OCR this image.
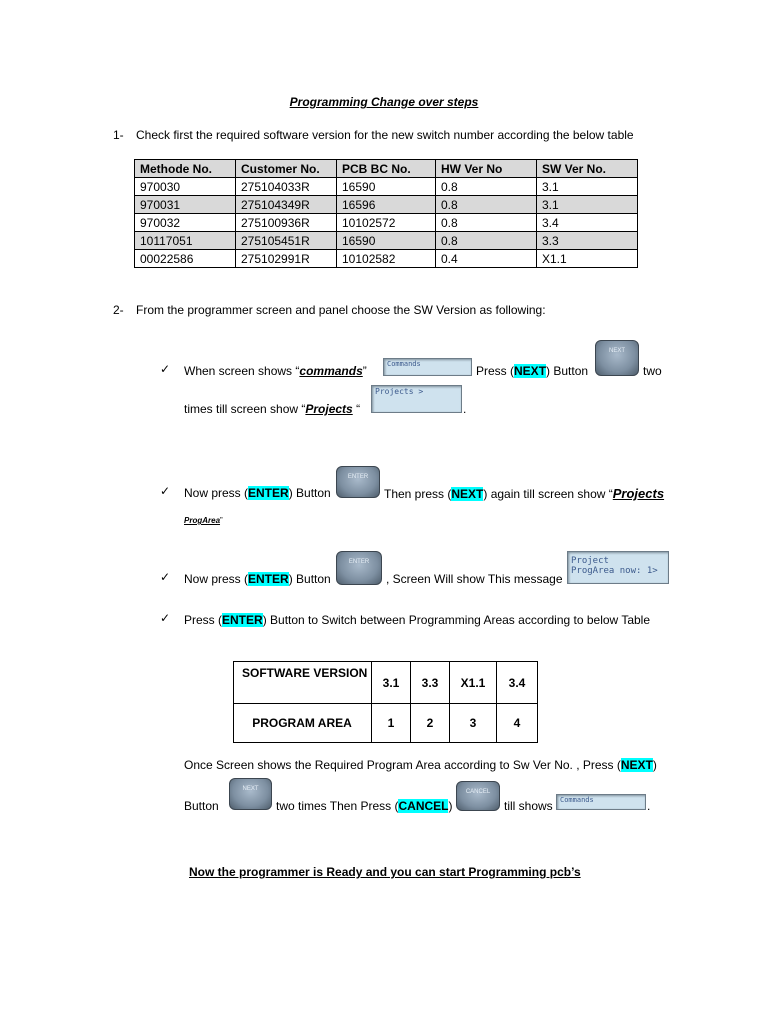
Programming Change over steps
1- Check first the required software version for the new switch number according the below table
Methode No.	Customer No.	PCB BC No.	HW Ver No	SW Ver No.
970030	275104033R	16590	0.8	3.1
970031	275104349R	16596	0.8	3.1
970032	275100936R	10102572	0.8	3.4
10117051	275105451R	16590	0.8	3.3
00022586	275102991R	10102582	0.4	X1.1
2- From the programmer screen and panel choose the SW Version as following:
✓ When screen shows “commands”	Commands	Press (NEXT) Button
NEXT
two
times till screen show “Projects “
Projects >
.
✓ Now press (ENTER) Button
ENTER
Then press (NEXT) again till screen show “Projects
ProgArea”
✓ Now press (ENTER) Button
ENTER
, Screen Will show This message
Project
ProgArea now: 1>
✓ Press (ENTER) Button to Switch between Programming Areas according to below Table
SOFTWARE VERSION	3.1	3.3	X1.1	3.4
PROGRAM AREA	1	2	3	4
Once Screen shows the Required Program Area according to Sw Ver No. , Press (NEXT)
Button
NEXT
two times Then Press (CANCEL)
CANCEL
till shows	Commands	.
Now the programmer is Ready and you can start Programming pcb’s
